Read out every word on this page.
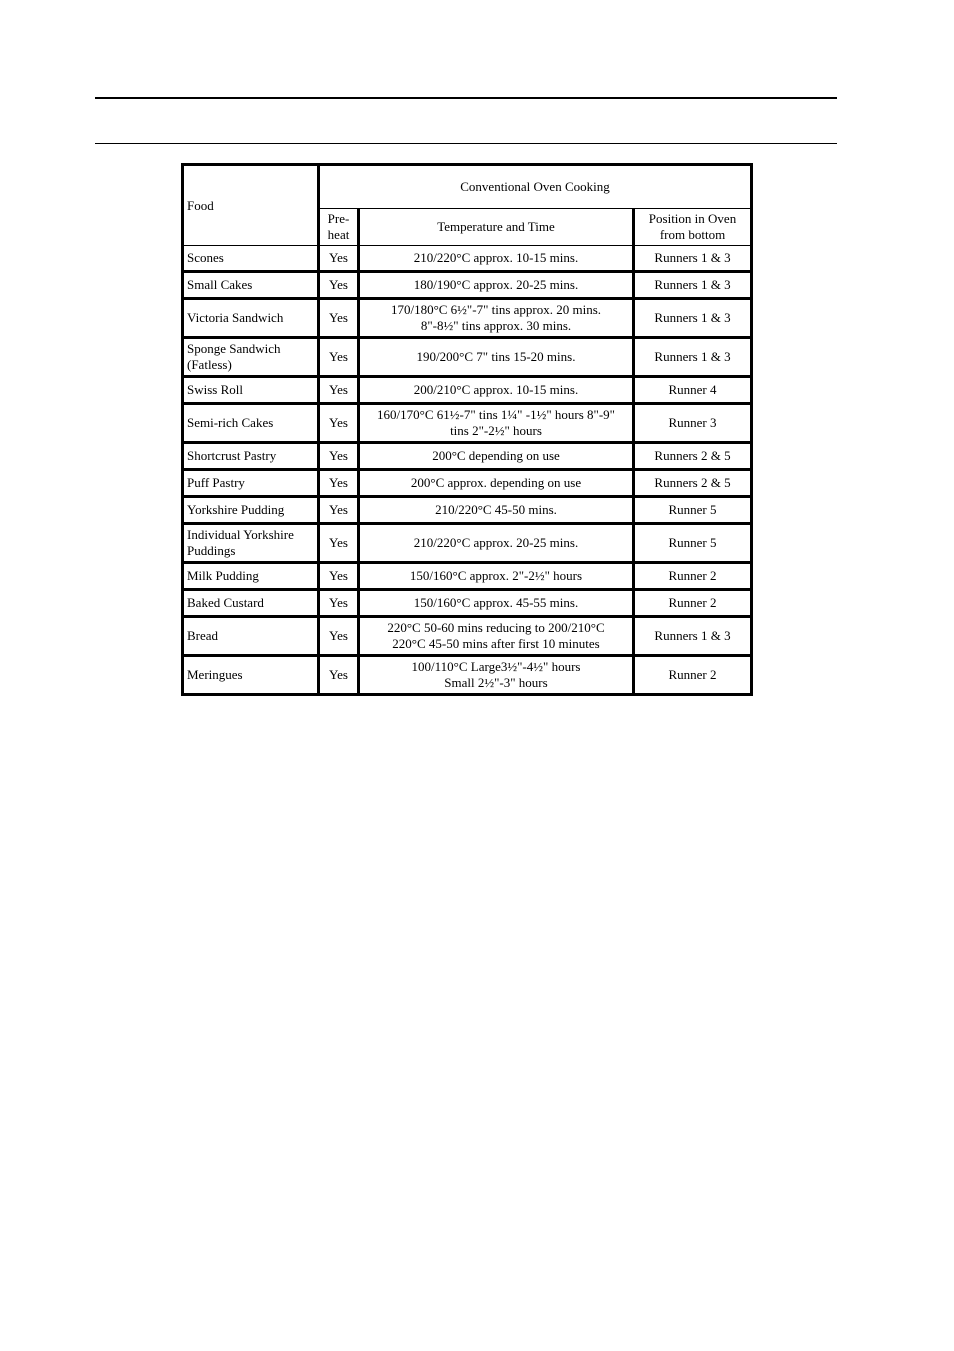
Food	Conventional Oven Cooking		
	Pre-
heat	Temperature and Time	Position in Oven
from bottom
Scones	Yes	210/220°C approx. 10-15 mins.	Runners 1 & 3
Small Cakes	Yes	180/190°C approx. 20-25 mins.	Runners 1 & 3
Victoria Sandwich	Yes	170/180°C 6½"-7" tins approx. 20 mins.
8"-8½" tins approx. 30 mins.	Runners 1 & 3
Sponge Sandwich
(Fatless)	Yes	190/200°C 7" tins 15-20 mins.	Runners 1 & 3
Swiss Roll	Yes	200/210°C approx. 10-15 mins.	Runner 4
Semi-rich Cakes	Yes	160/170°C 61½-7" tins 1¼" -1½" hours 8"-9"
tins 2"-2½" hours	Runner 3
Shortcrust Pastry	Yes	200°C depending on use	Runners 2 & 5
Puff Pastry	Yes	200°C approx. depending on use	Runners 2 & 5
Yorkshire Pudding	Yes	210/220°C 45-50 mins.	Runner 5
Individual Yorkshire
Puddings	Yes	210/220°C approx. 20-25 mins.	Runner 5
Milk Pudding	Yes	150/160°C approx. 2"-2½" hours	Runner 2
Baked Custard	Yes	150/160°C approx. 45-55 mins.	Runner 2
Bread	Yes	220°C 50-60 mins reducing to 200/210°C
220°C 45-50 mins after first 10 minutes	Runners 1 & 3
Meringues	Yes	100/110°C Large3½"-4½" hours
Small 2½"-3" hours	Runner 2
